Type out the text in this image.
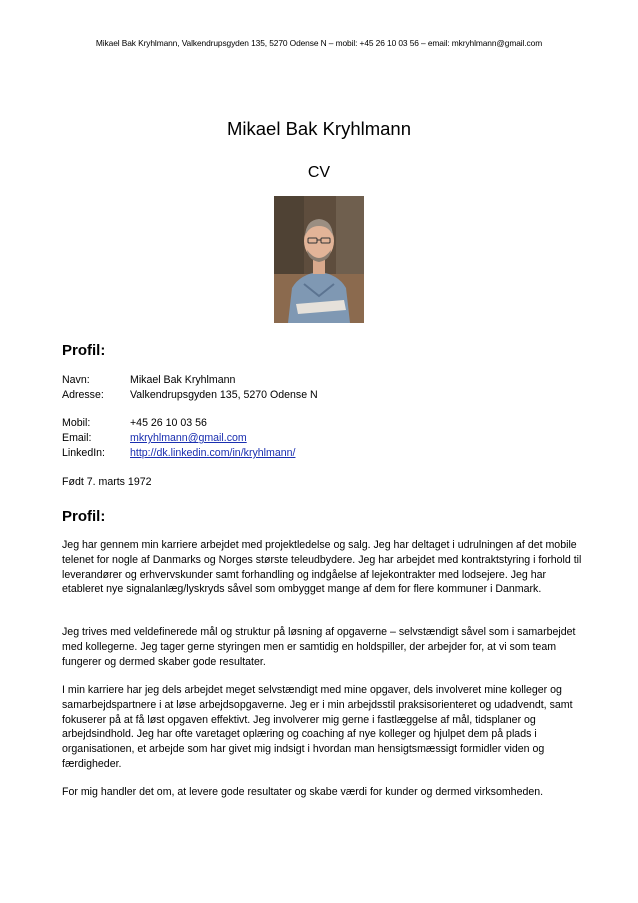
Mikael Bak Kryhlmann, Valkendrupsgyden 135, 5270 Odense N – mobil: +45 26 10 03 56 – email: mkryhlmann@gmail.com
Mikael Bak Kryhlmann
CV
Profil:
Navn:	Mikael Bak Kryhlmann
Adresse: Valkendrupsgyden 135, 5270 Odense N
Mobil:	+45 26 10 03 56
Email:	mkryhlmann@gmail.com
LinkedIn: http://dk.linkedin.com/in/kryhlmann/
Født 7. marts 1972
Profil:
Jeg har gennem min karriere arbejdet med projektledelse og salg. Jeg har deltaget i udrulningen af det mobile telenet for nogle af Danmarks og Norges største teleudbydere. Jeg har arbejdet med kontraktstyring i forhold til leverandører og erhvervskunder samt forhandling og indgåelse af lejekontrakter med lodsejere. Jeg har etableret nye signalanlæg/lyskryds såvel som ombygget mange af dem for flere kommuner i Danmark.
Jeg trives med veldefinerede mål og struktur på løsning af opgaverne – selvstændigt såvel som i samarbejdet med kollegerne. Jeg tager gerne styringen men er samtidig en holdspiller, der arbejder for, at vi som team fungerer og dermed skaber gode resultater.
I min karriere har jeg dels arbejdet meget selvstændigt med mine opgaver, dels involveret mine kolleger og samarbejdspartnere i at løse arbejdsopgaverne. Jeg er i min arbejdsstil praksisorienteret og udadvendt, samt fokuserer på at få løst opgaven effektivt. Jeg involverer mig gerne i fastlæggelse af mål, tidsplaner og arbejdsindhold. Jeg har ofte varetaget oplæring og coaching af nye kolleger og hjulpet dem på plads i organisationen, et arbejde som har givet mig indsigt i hvordan man hensigtsmæssigt formidler viden og færdigheder.
For mig handler det om, at levere gode resultater og skabe værdi for kunder og dermed virksomheden.
